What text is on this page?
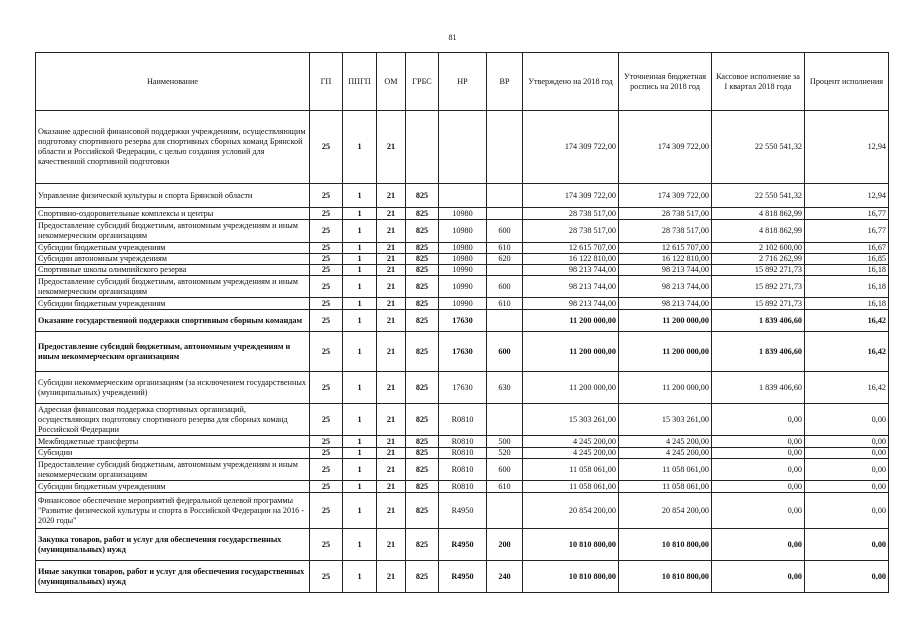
81
Наименование	ГП	ППГП	ОМ	ГРБС	НР	ВР	Утверждено на 2018 год	Уточненная бюджетная роспись на 2018 год	Кассовое исполнение за I квартал 2018 года	Процент исполнения
Оказание адресной финансовой поддержки учреждениям, осуществляющим подготовку спортивного резерва для спортивных сборных команд Брянской области и Российской Федерации, с целью создания условий для качественной спортивной подготовки	25	1	21				174 309 722,00	174 309 722,00	22 550 541,32	12,94
Управление физической культуры и спорта Брянской области	25	1	21	825			174 309 722,00	174 309 722,00	22 550 541,32	12,94
Спортивно-оздоровительные комплексы и центры	25	1	21	825	10980		28 738 517,00	28 738 517,00	4 818 862,99	16,77
Предоставление субсидий бюджетным, автономным учреждениям и иным некоммерческим организациям	25	1	21	825	10980	600	28 738 517,00	28 738 517,00	4 818 862,99	16,77
Субсидии бюджетным учреждениям	25	1	21	825	10980	610	12 615 707,00	12 615 707,00	2 102 600,00	16,67
Субсидии автономным учреждениям	25	1	21	825	10980	620	16 122 810,00	16 122 810,00	2 716 262,99	16,85
Спортивные школы олимпийского резерва	25	1	21	825	10990		98 213 744,00	98 213 744,00	15 892 271,73	16,18
Предоставление субсидий бюджетным, автономным учреждениям и иным некоммерческим организациям	25	1	21	825	10990	600	98 213 744,00	98 213 744,00	15 892 271,73	16,18
Субсидии бюджетным учреждениям	25	1	21	825	10990	610	98 213 744,00	98 213 744,00	15 892 271,73	16,18
Оказание государственной поддержки спортивным сборным командам	25	1	21	825	17630		11 200 000,00	11 200 000,00	1 839 406,60	16,42
Предоставление субсидий бюджетным, автономным учреждениям и иным некоммерческим организациям	25	1	21	825	17630	600	11 200 000,00	11 200 000,00	1 839 406,60	16,42
Субсидии некоммерческим организациям (за исключением государственных (муниципальных) учреждений)	25	1	21	825	17630	630	11 200 000,00	11 200 000,00	1 839 406,60	16,42
Адресная финансовая поддержка спортивных организаций, осуществляющих подготовку спортивного резерва для сборных команд Российской Федерации	25	1	21	825	R0810		15 303 261,00	15 303 261,00	0,00	0,00
Межбюджетные трансферты	25	1	21	825	R0810	500	4 245 200,00	4 245 200,00	0,00	0,00
Субсидии	25	1	21	825	R0810	520	4 245 200,00	4 245 200,00	0,00	0,00
Предоставление субсидий бюджетным, автономным учреждениям и иным некоммерческим организациям	25	1	21	825	R0810	600	11 058 061,00	11 058 061,00	0,00	0,00
Субсидии бюджетным учреждениям	25	1	21	825	R0810	610	11 058 061,00	11 058 061,00	0,00	0,00
Финансовое обеспечение мероприятий федеральной целевой программы "Развитие физической культуры и спорта в Российской Федерации на 2016 - 2020 годы"	25	1	21	825	R4950		20 854 200,00	20 854 200,00	0,00	0,00
Закупка товаров, работ и услуг для обеспечения государственных (муниципальных) нужд	25	1	21	825	R4950	200	10 810 800,00	10 810 800,00	0,00	0,00
Иные закупки товаров, работ и услуг для обеспечения государственных (муниципальных) нужд	25	1	21	825	R4950	240	10 810 800,00	10 810 800,00	0,00	0,00
